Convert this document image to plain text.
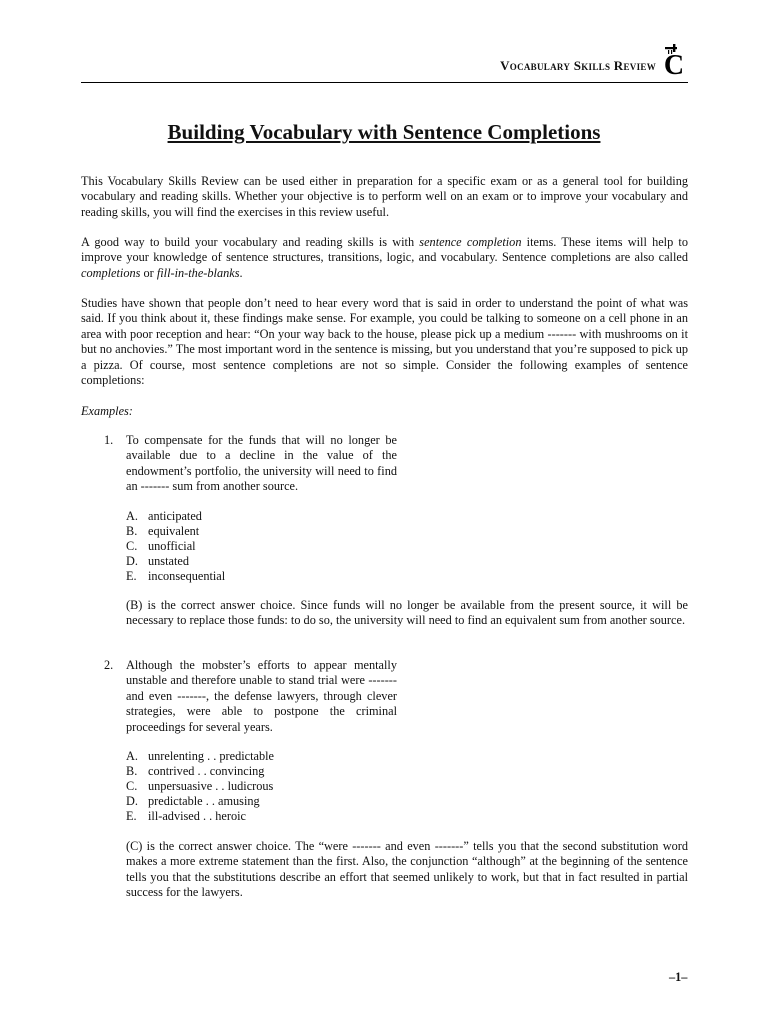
Vocabulary Skills Review C
Building Vocabulary with Sentence Completions

This Vocabulary Skills Review can be used either in preparation for a specific exam or as a general tool for building vocabulary and reading skills. Whether your objective is to perform well on an exam or to improve your vocabulary and reading skills, you will find the exercises in this review useful.

A good way to build your vocabulary and reading skills is with sentence completion items. These items will help to improve your knowledge of sentence structures, transitions, logic, and vocabulary. Sentence completions are also called completions or fill-in-the-blanks.

Studies have shown that people don’t need to hear every word that is said in order to understand the point of what was said. If you think about it, these findings make sense. For example, you could be talking to someone on a cell phone in an area with poor reception and hear: “On your way back to the house, please pick up a medium ------- with mushrooms on it but no anchovies.” The most important word in the sentence is missing, but you understand that you’re supposed to pick up a pizza. Of course, most sentence completions are not so simple. Consider the following examples of sentence completions:

Examples:
1. To compensate for the funds that will no longer be available due to a decline in the value of the endowment’s portfolio, the university will need to find an ------- sum from another source.

A. anticipated
B. equivalent
C. unofficial
D. unstated
E. inconsequential

(B) is the correct answer choice. Since funds will no longer be available from the present source, it will be necessary to replace those funds: to do so, the university will need to find an equivalent sum from another source.

2. Although the mobster’s efforts to appear mentally unstable and therefore unable to stand trial were ------- and even -------, the defense lawyers, through clever strategies, were able to postpone the criminal proceedings for several years.

A. unrelenting . . predictable
B. contrived . . convincing
C. unpersuasive . . ludicrous
D. predictable . . amusing
E. ill-advised . . heroic

(C) is the correct answer choice. The “were ------- and even -------” tells you that the second substitution word makes a more extreme statement than the first. Also, the conjunction “although” at the beginning of the sentence tells you that the substitutions describe an effort that seemed unlikely to work, but that in fact resulted in partial success for the lawyers.

–1–
